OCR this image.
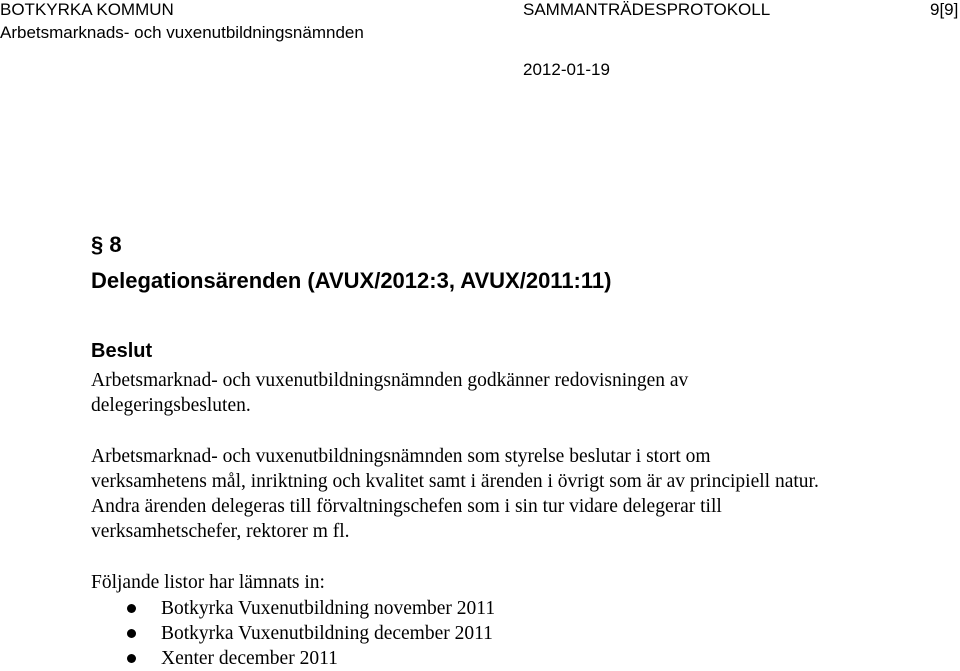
BOTKYRKA KOMMUN
Arbetsmarknads- och vuxenutbildningsnämnden
SAMMANTRÄDESPROTOKOLL	9[9]
2012-01-19
§ 8
Delegationsärenden (AVUX/2012:3, AVUX/2011:11)
Beslut
Arbetsmarknad- och vuxenutbildningsnämnden godkänner redovisningen av delegeringsbesluten.
Arbetsmarknad- och vuxenutbildningsnämnden som styrelse beslutar i stort om verksamhetens mål, inriktning och kvalitet samt i ärenden i övrigt som är av principiell natur. Andra ärenden delegeras till förvaltningschefen som i sin tur vidare delegerar till verksamhetschefer, rektorer m fl.
Följande listor har lämnats in:
Botkyrka Vuxenutbildning november 2011
Botkyrka Vuxenutbildning december 2011
Xenter december 2011
